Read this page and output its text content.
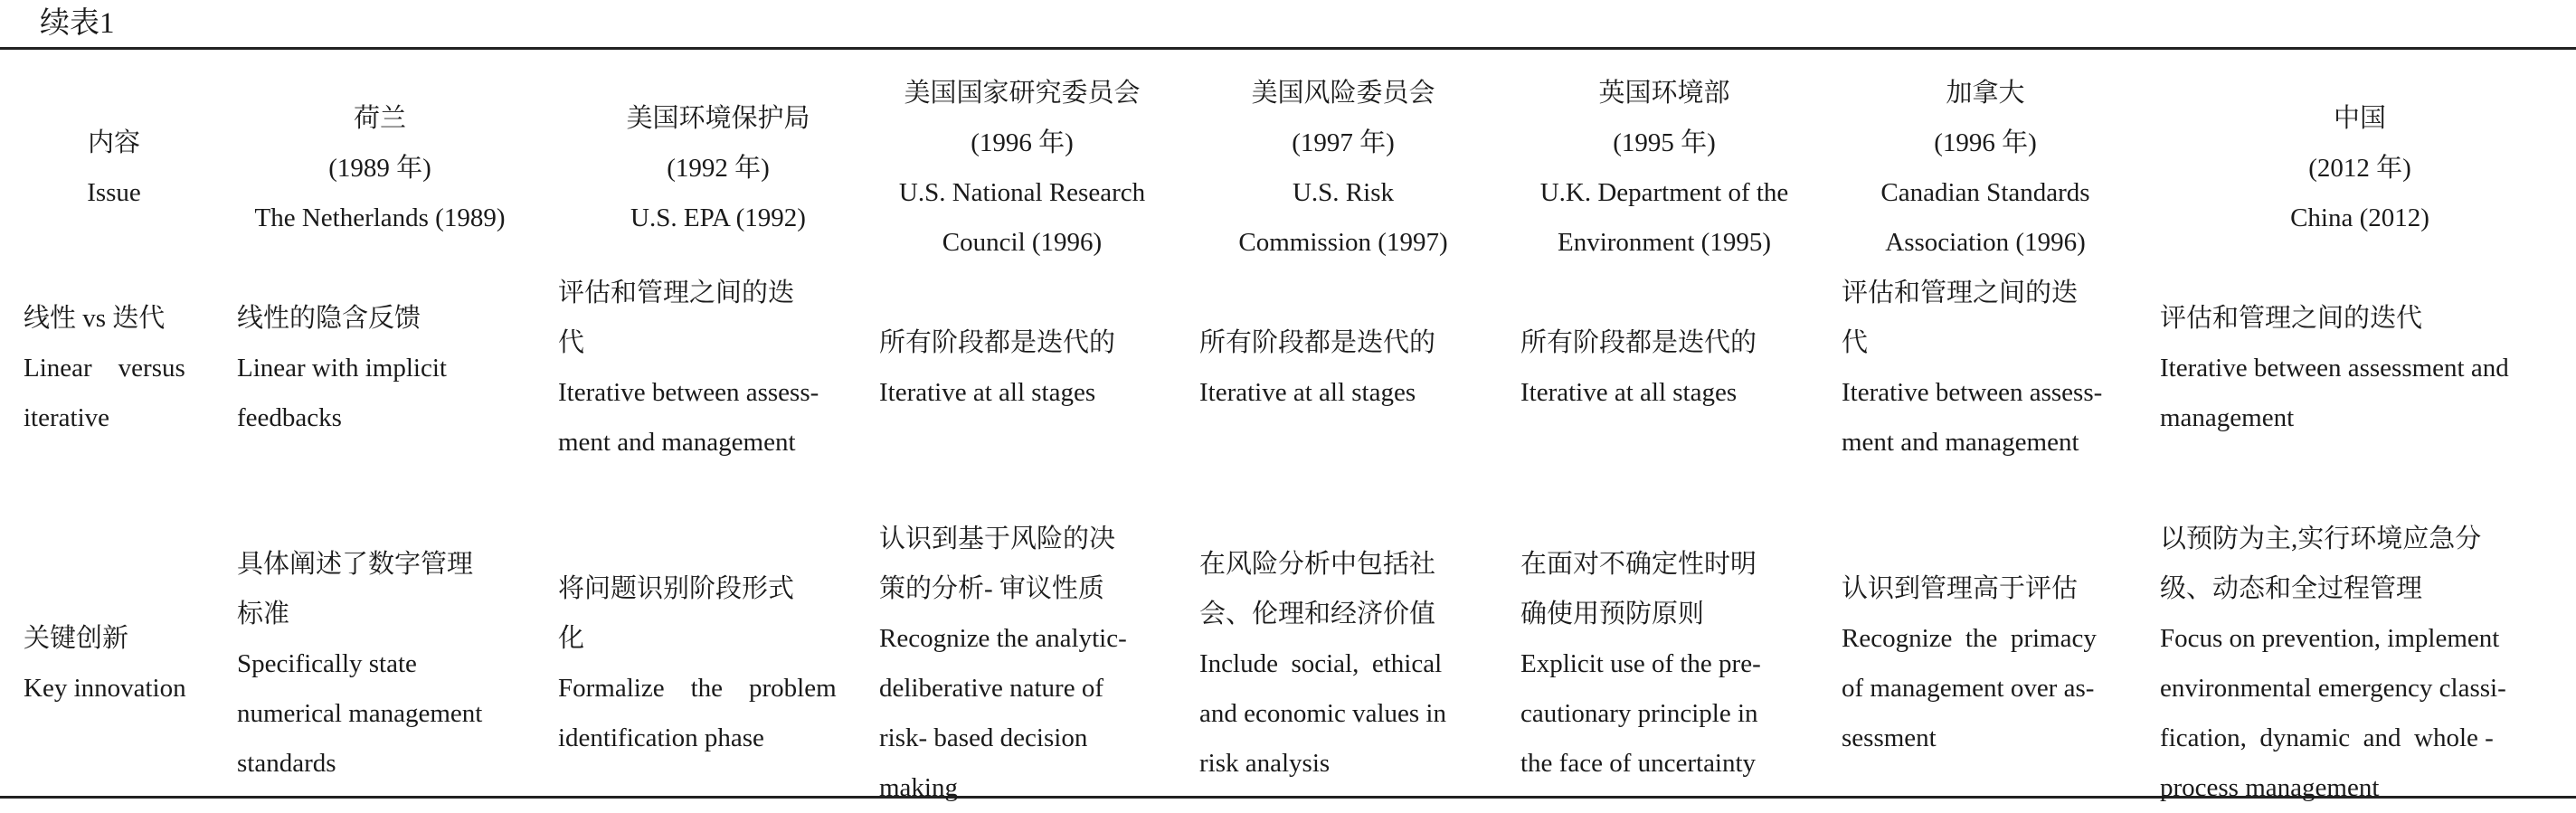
续表1
内容
Issue
荷兰
(1989 年)
The Netherlands (1989)
美国环境保护局
(1992 年)
U.S. EPA (1992)
美国国家研究委员会
(1996 年)
U.S. National Research
Council (1996)
美国风险委员会
(1997 年)
U.S. Risk
Commission (1997)
英国环境部
(1995 年)
U.K. Department of the
Environment (1995)
加拿大
(1996 年)
Canadian Standards
Association (1996)
中国
(2012 年)
China (2012)
线性 vs 迭代
Linear    versus
iterative
线性的隐含反馈
Linear with implicit
feedbacks
评估和管理之间的迭
代
Iterative between assess-
ment and management
所有阶段都是迭代的
Iterative at all stages
所有阶段都是迭代的
Iterative at all stages
所有阶段都是迭代的
Iterative at all stages
评估和管理之间的迭
代
Iterative between assess-
ment and management
评估和管理之间的迭代
Iterative between assessment and
management
关键创新
Key innovation
具体阐述了数字管理
标准
Specifically state
numerical management
standards
将问题识别阶段形式
化
Formalize    the    problem
identification phase
认识到基于风险的决
策的分析- 审议性质
Recognize the analytic-
deliberative nature of
risk- based decision
making
在风险分析中包括社
会、伦理和经济价值
Include  social,  ethical
and economic values in
risk analysis
在面对不确定性时明
确使用预防原则
Explicit use of the pre-
cautionary principle in
the face of uncertainty
认识到管理高于评估
Recognize  the  primacy
of management over as-
sessment
以预防为主,实行环境应急分
级、动态和全过程管理
Focus on prevention, implement
environmental emergency classi-
fication,  dynamic  and  whole -
process management
